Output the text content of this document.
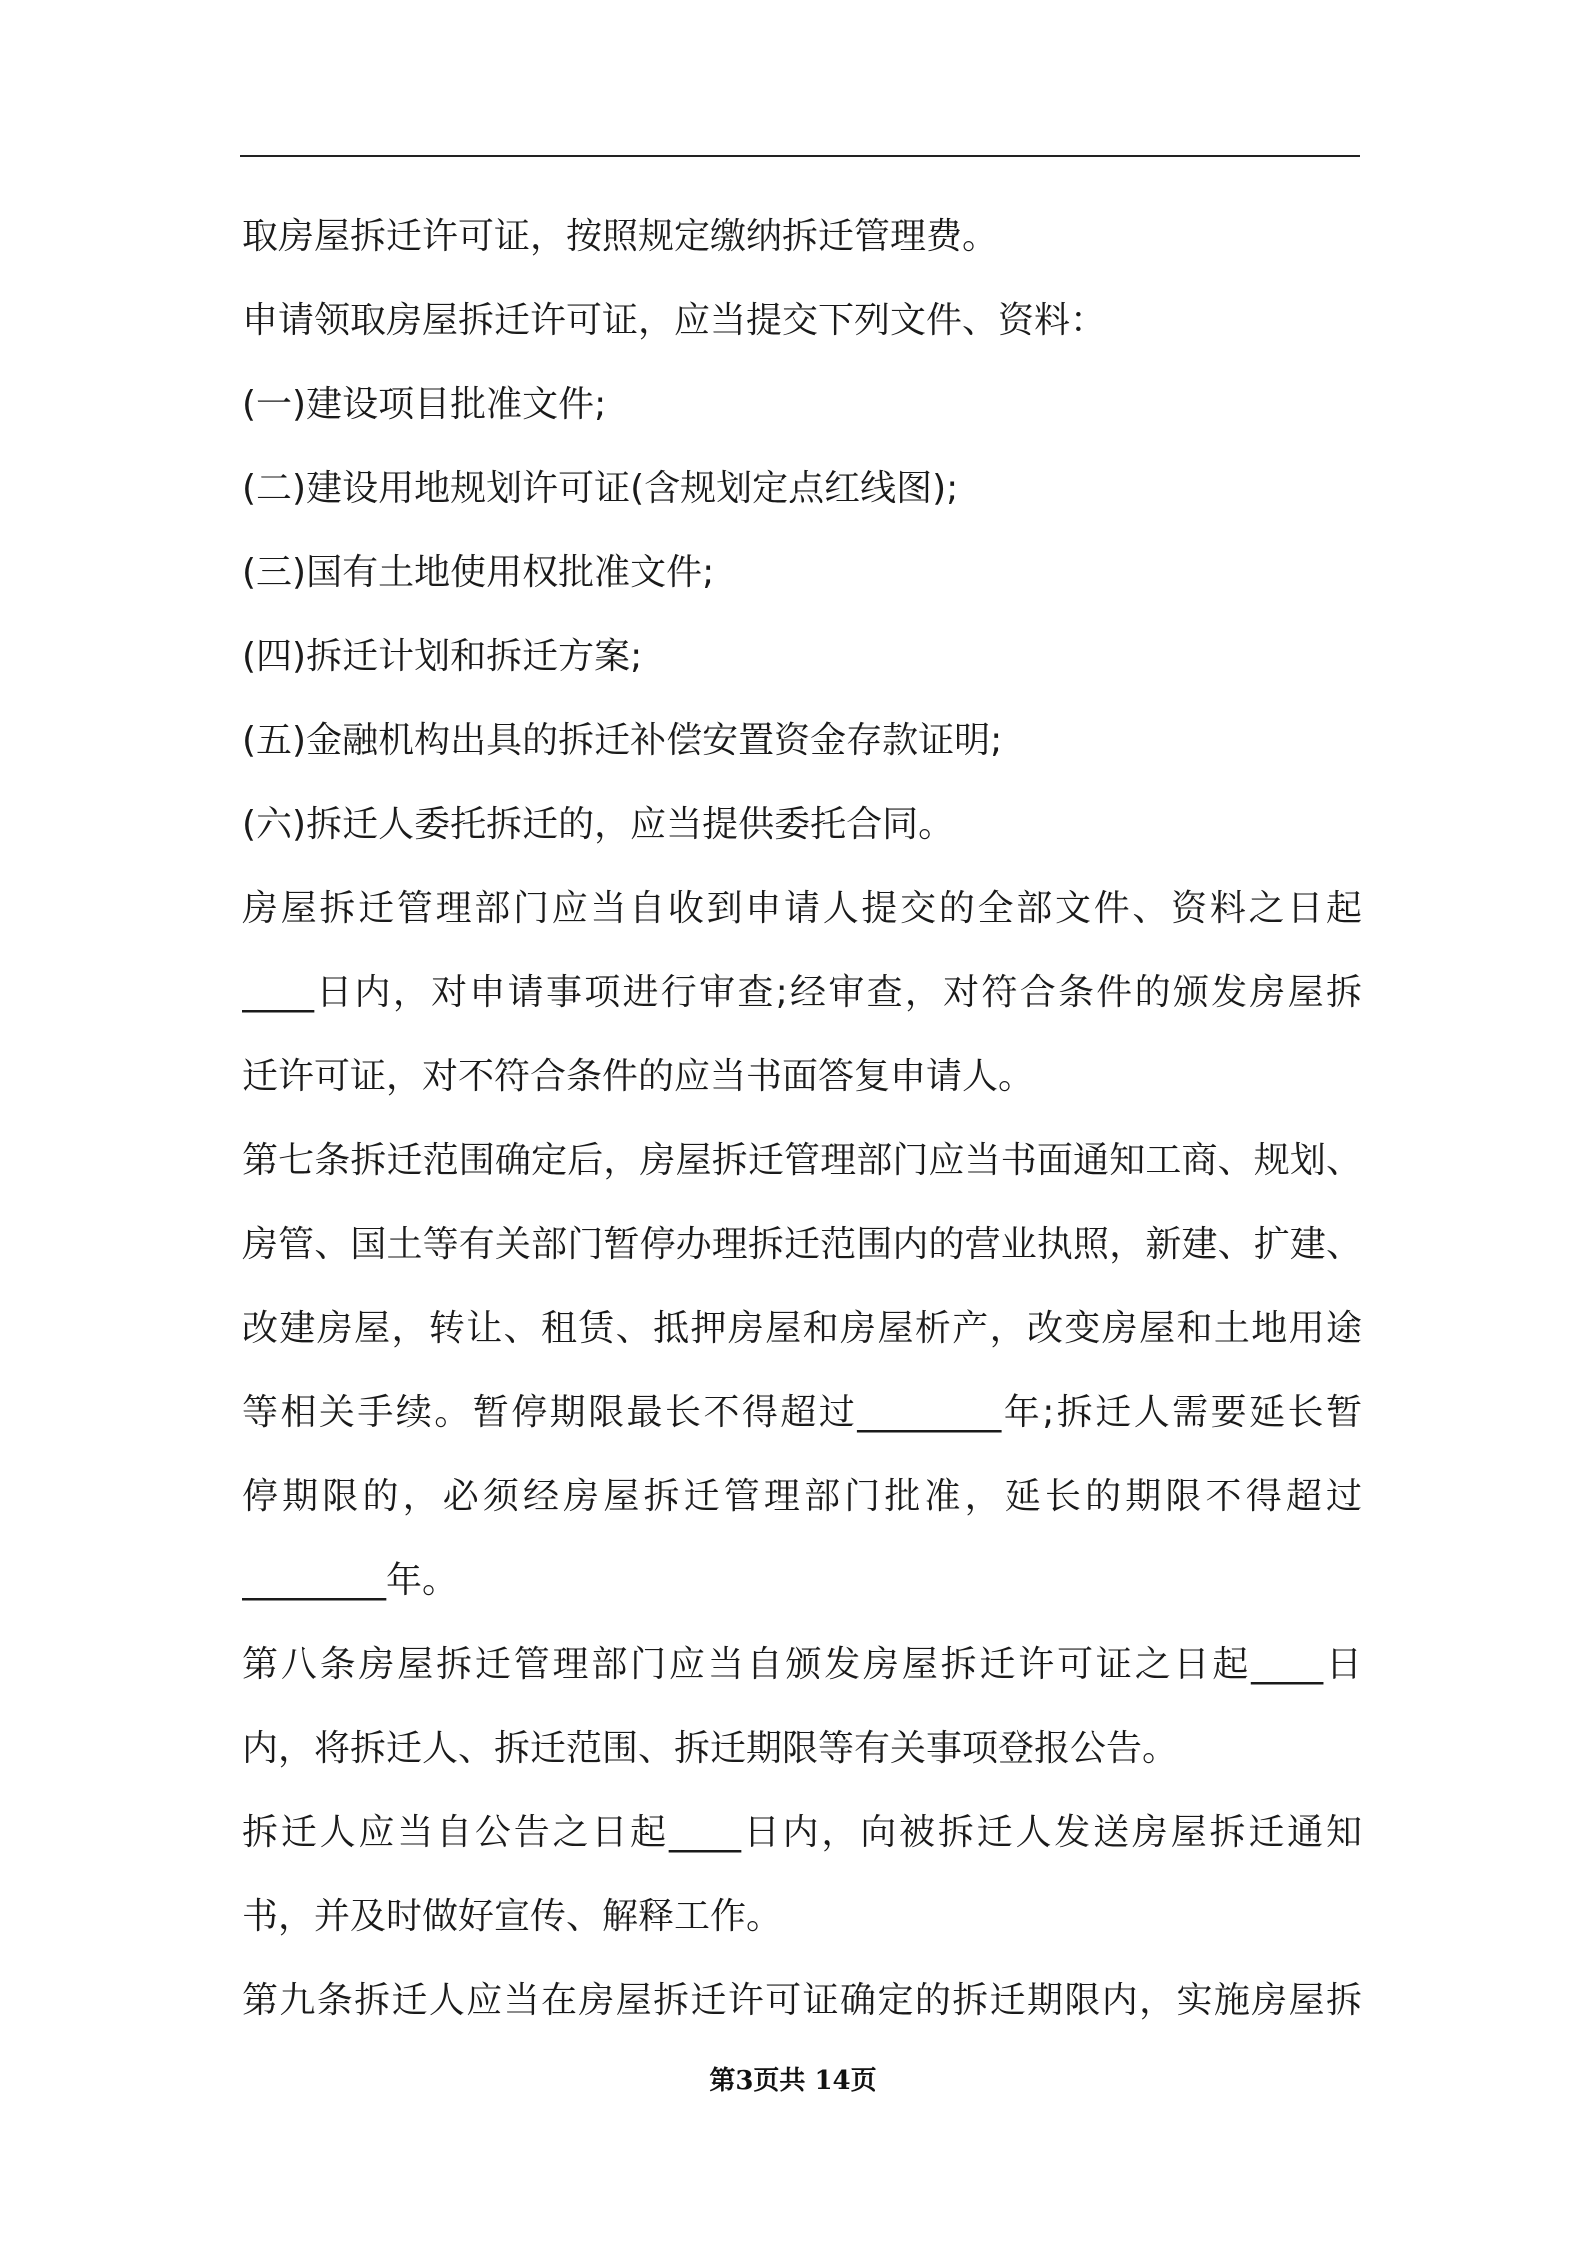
取房屋拆迁许可证，按照规定缴纳拆迁管理费。

申请领取房屋拆迁许可证，应当提交下列文件、资料：

(一)建设项目批准文件;

(二)建设用地规划许可证(含规划定点红线图);

(三)国有土地使用权批准文件;

(四)拆迁计划和拆迁方案;

(五)金融机构出具的拆迁补偿安置资金存款证明;

(六)拆迁人委托拆迁的，应当提供委托合同。

房屋拆迁管理部门应当自收到申请人提交的全部文件、资料之日起

____日内，对申请事项进行审查;经审查，对符合条件的颁发房屋拆

迁许可证，对不符合条件的应当书面答复申请人。

第七条拆迁范围确定后，房屋拆迁管理部门应当书面通知工商、规划、

房管、国土等有关部门暂停办理拆迁范围内的营业执照，新建、扩建、

改建房屋，转让、租赁、抵押房屋和房屋析产，改变房屋和土地用途

等相关手续。暂停期限最长不得超过________年;拆迁人需要延长暂

停期限的，必须经房屋拆迁管理部门批准，延长的期限不得超过

________年。

第八条房屋拆迁管理部门应当自颁发房屋拆迁许可证之日起____日

内，将拆迁人、拆迁范围、拆迁期限等有关事项登报公告。

拆迁人应当自公告之日起____日内，向被拆迁人发送房屋拆迁通知

书，并及时做好宣传、解释工作。

第九条拆迁人应当在房屋拆迁许可证确定的拆迁期限内，实施房屋拆

第3页共 14页
